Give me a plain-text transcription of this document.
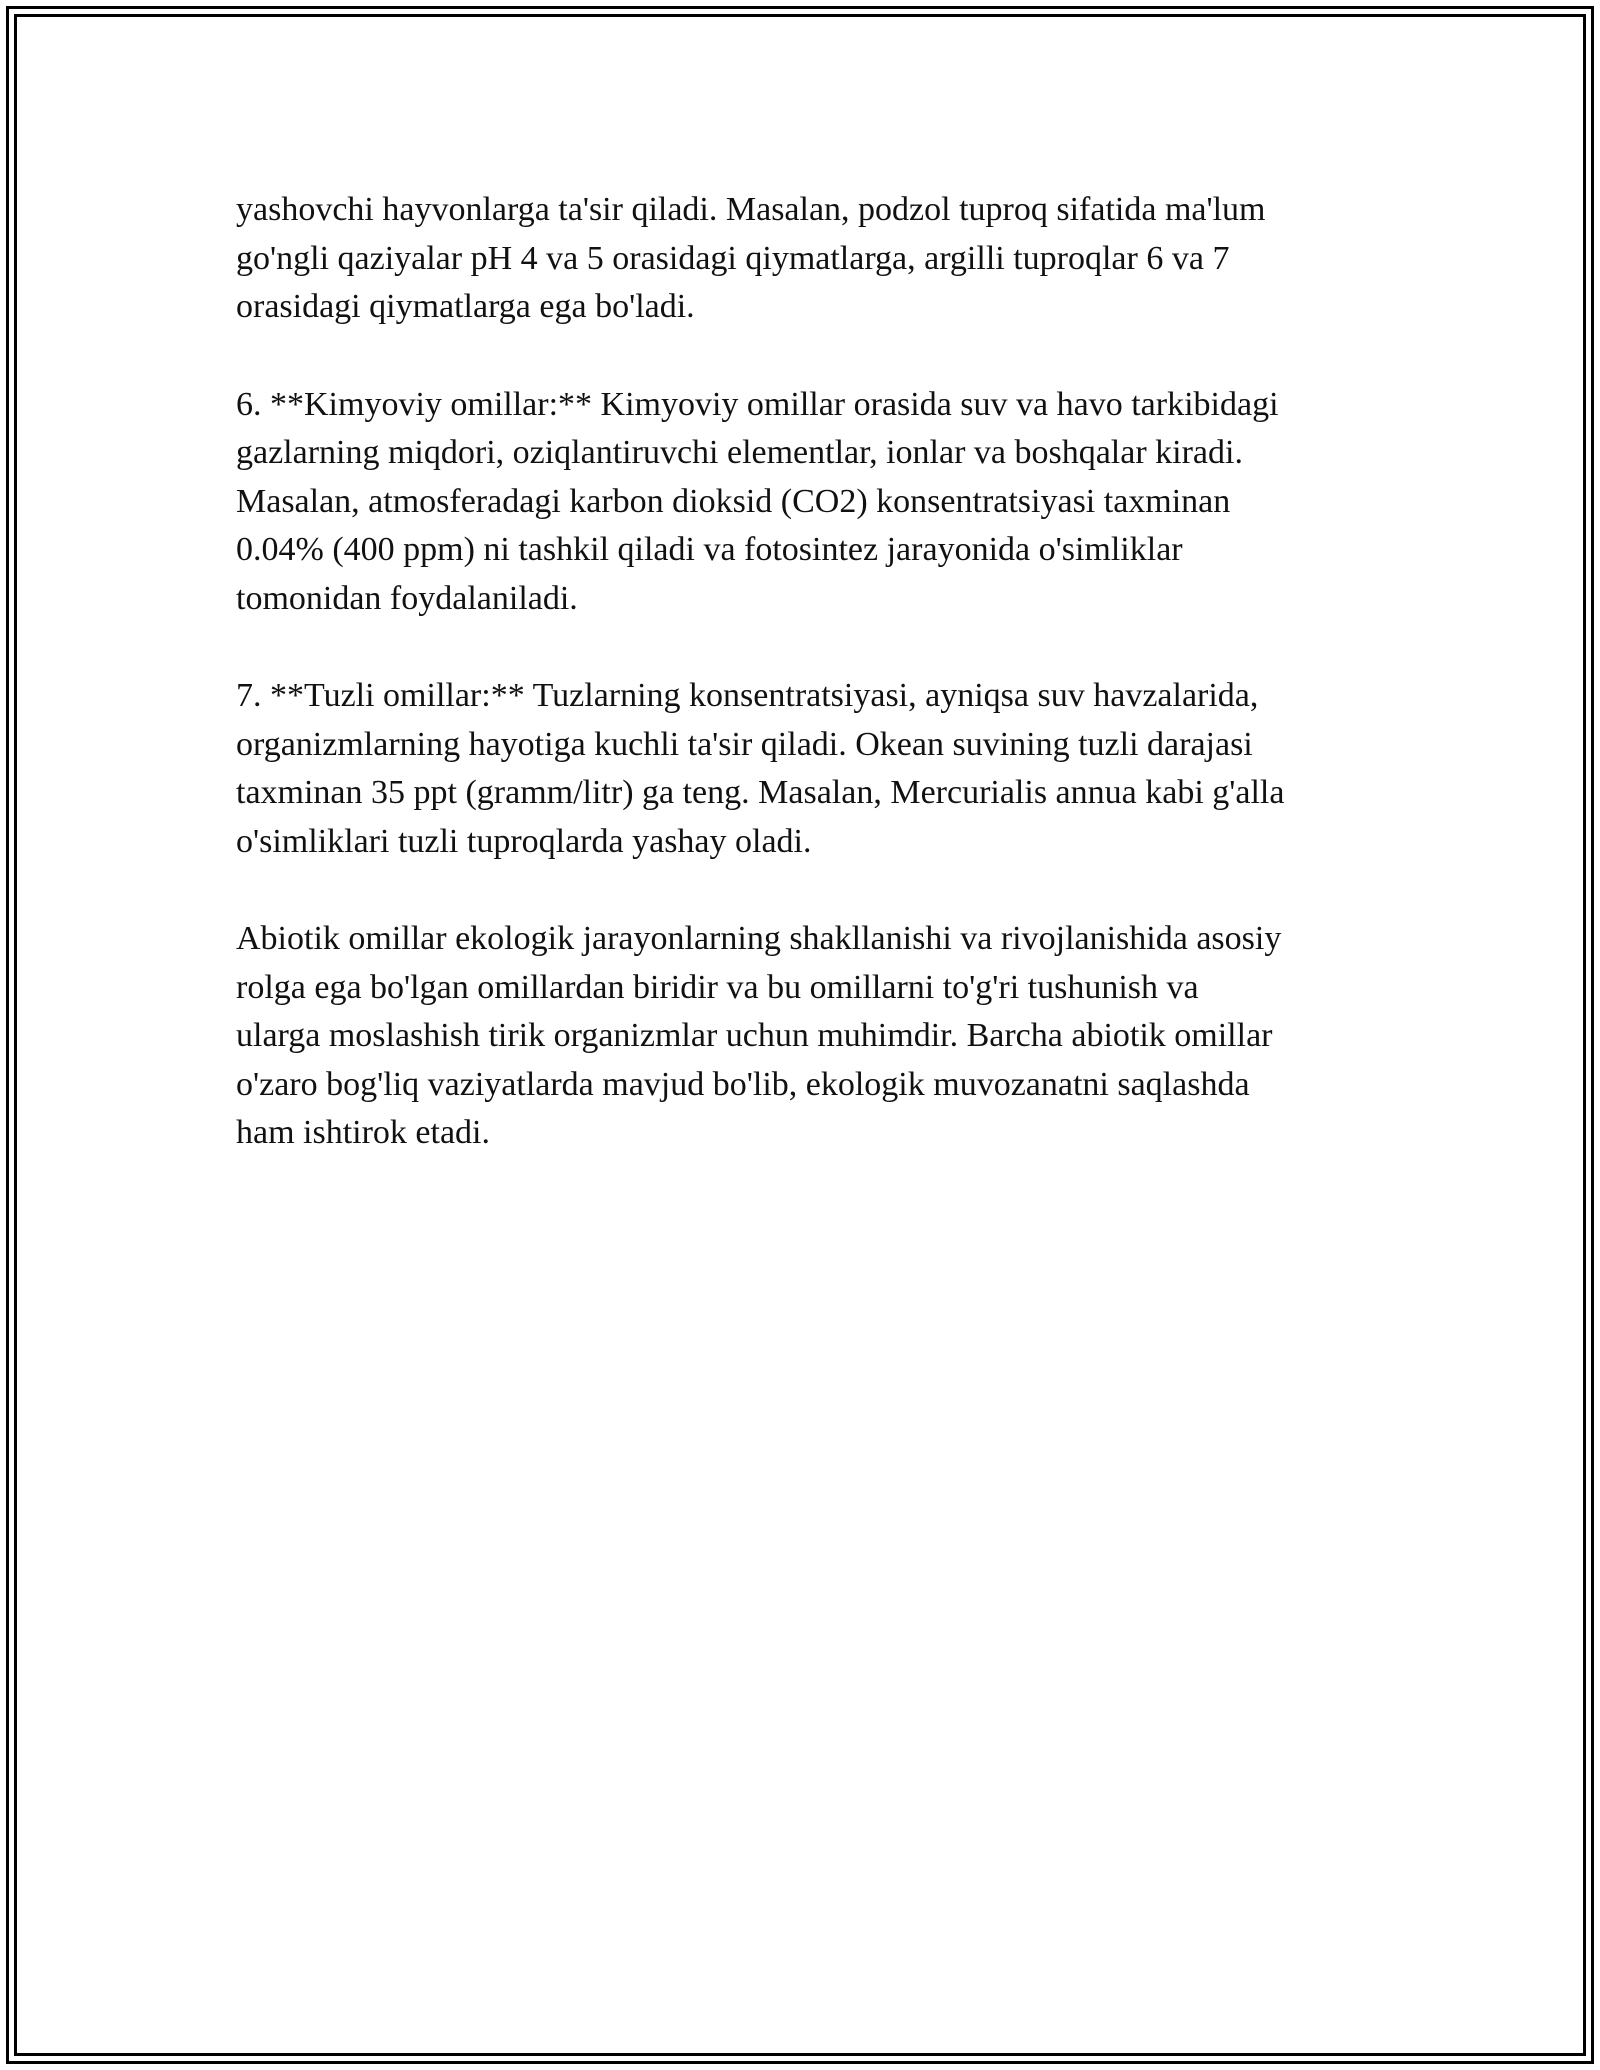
yashovchi hayvonlarga ta'sir qiladi. Masalan, podzol tuproq sifatida ma'lum
go'ngli qaziyalar pH 4 va 5 orasidagi qiymatlarga, argilli tuproqlar 6 va 7
orasidagi qiymatlarga ega bo'ladi.

6. **Kimyoviy omillar:** Kimyoviy omillar orasida suv va havo tarkibidagi
gazlarning miqdori, oziqlantiruvchi elementlar, ionlar va boshqalar kiradi.
Masalan, atmosferadagi karbon dioksid (CO2) konsentratsiyasi taxminan
0.04% (400 ppm) ni tashkil qiladi va fotosintez jarayonida o'simliklar
tomonidan foydalaniladi.

7. **Tuzli omillar:** Tuzlarning konsentratsiyasi, ayniqsa suv havzalarida,
organizmlarning hayotiga kuchli ta'sir qiladi. Okean suvining tuzli darajasi
taxminan 35 ppt (gramm/litr) ga teng. Masalan, Mercurialis annua kabi g'alla
o'simliklari tuzli tuproqlarda yashay oladi.

Abiotik omillar ekologik jarayonlarning shakllanishi va rivojlanishida asosiy
rolga ega bo'lgan omillardan biridir va bu omillarni to'g'ri tushunish va
ularga moslashish tirik organizmlar uchun muhimdir. Barcha abiotik omillar
o'zaro bog'liq vaziyatlarda mavjud bo'lib, ekologik muvozanatni saqlashda
ham ishtirok etadi.
